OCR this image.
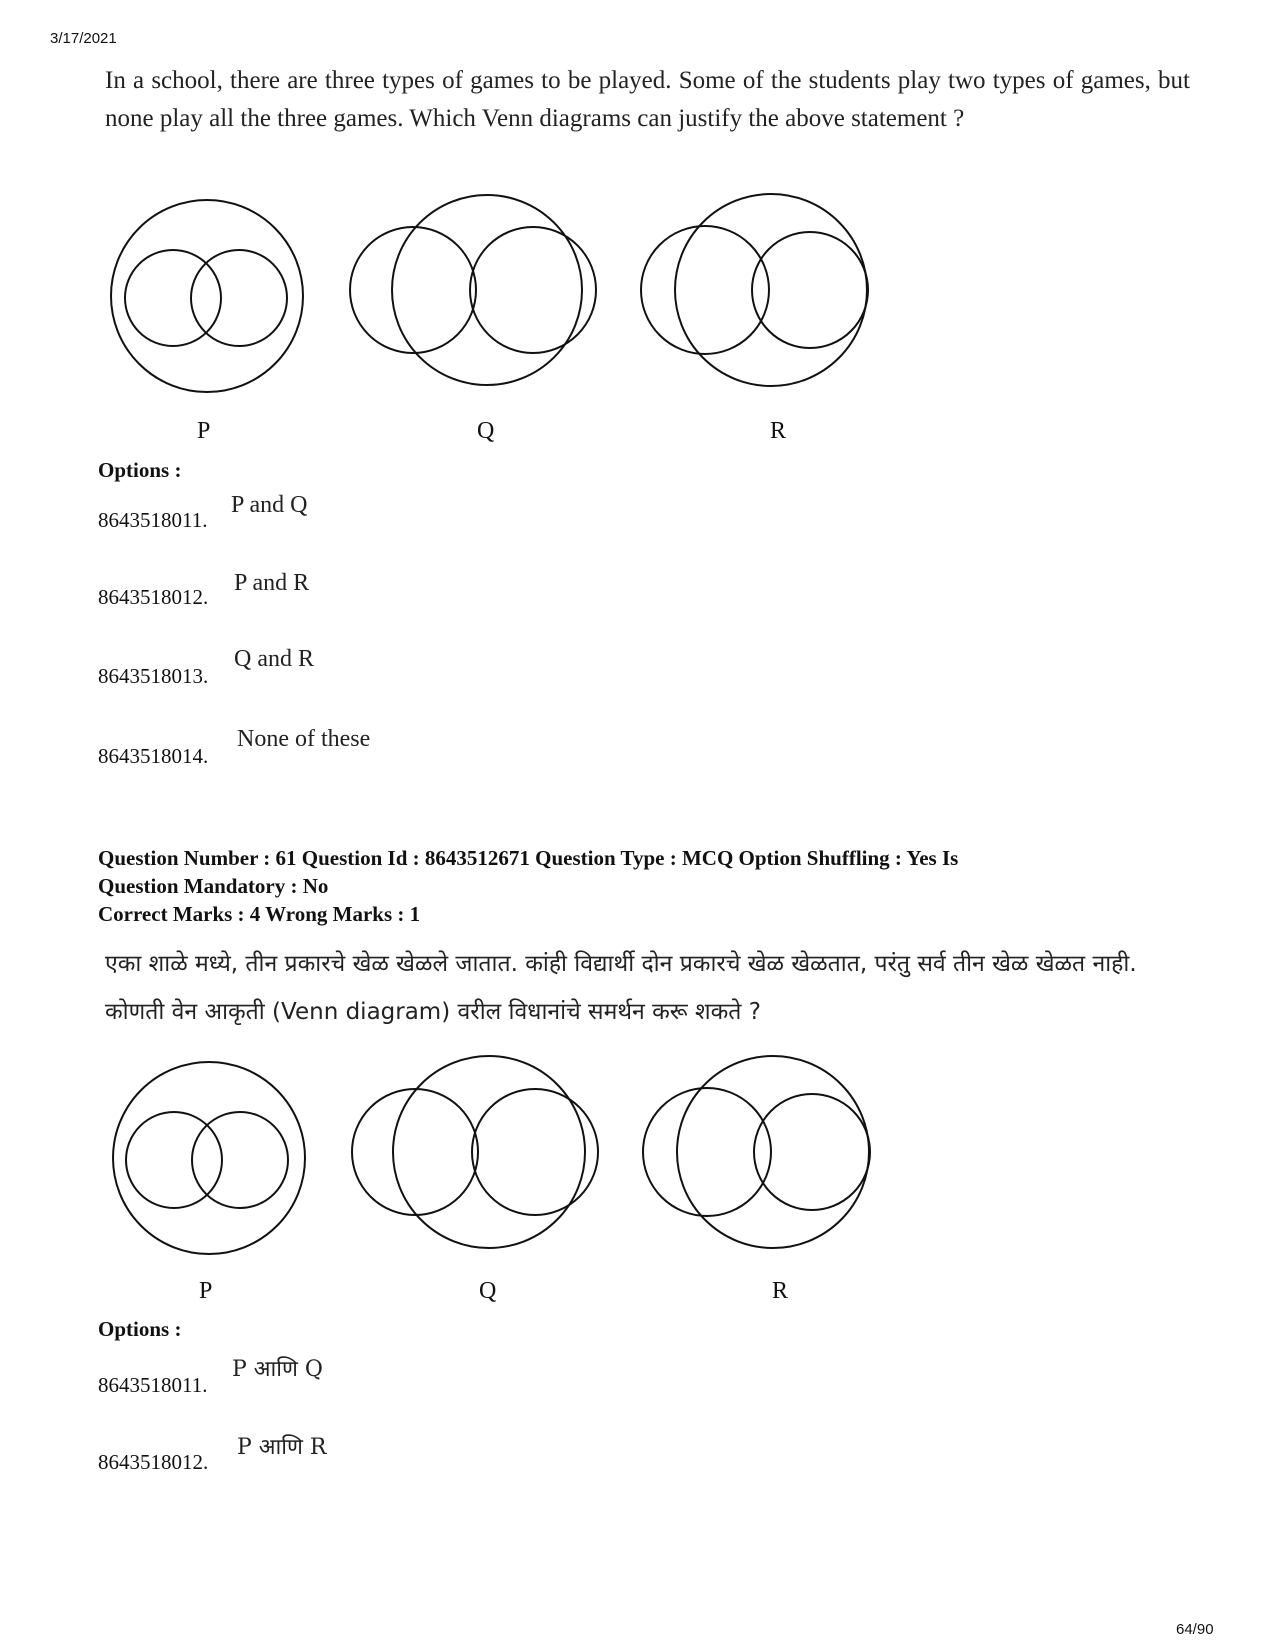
3/17/2021
In a school, there are three types of games to be played. Some of the students play two types of games, but none play all the three games. Which Venn diagrams can justify the above statement ?
P	Q	R
Options :
8643518011.
P and Q
8643518012.
P and R
8643518013.
Q and R
8643518014.
None of these
Question Number : 61 Question Id : 8643512671 Question Type : MCQ Option Shuffling : Yes Is
Question Mandatory : No
Correct Marks : 4 Wrong Marks : 1
एका शाळे मध्ये, तीन प्रकारचे खेळ खेळले जातात. कांही विद्यार्थी दोन प्रकारचे खेळ खेळतात, परंतु सर्व तीन खेळ खेळत नाही. कोणती वेन आकृती (Venn diagram) वरील विधानांचे समर्थन करू शकते ?
P	Q	R
Options :
8643518011.
P आणि Q
8643518012.
P आणि R
64/90
